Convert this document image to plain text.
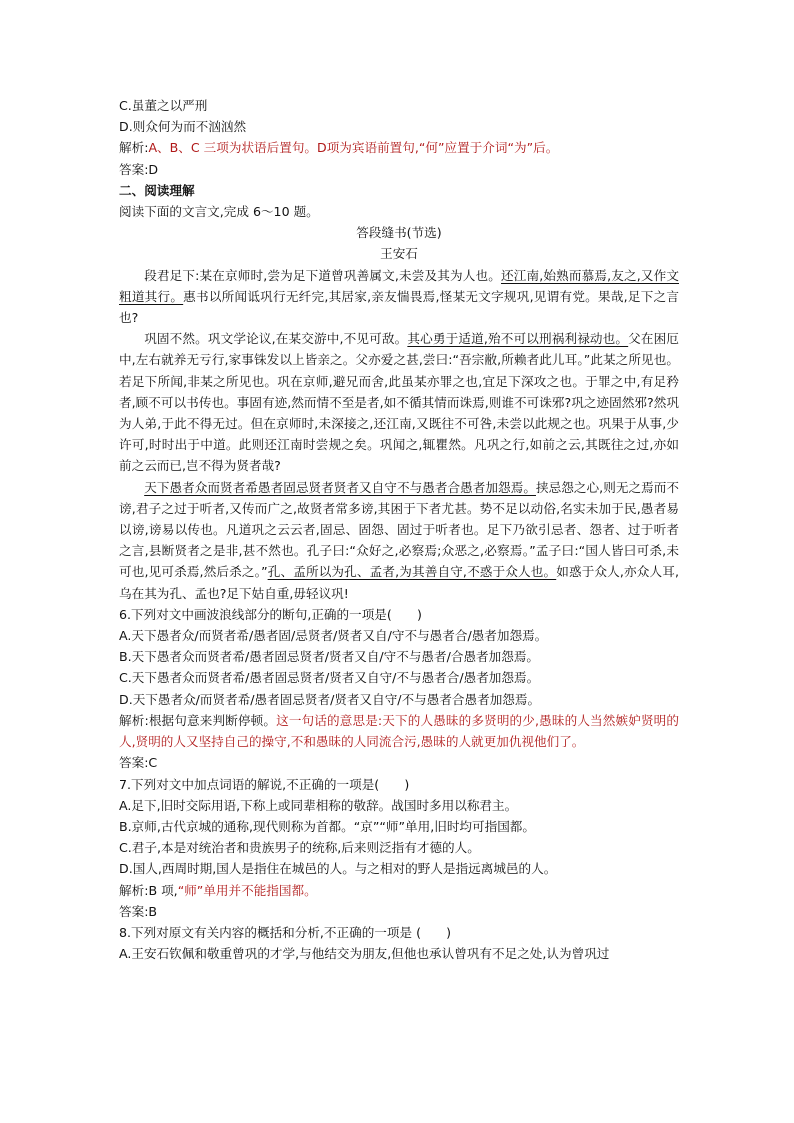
C.虽董之以严刑
D.则众何为而不汹汹然
解析:A、B、C 三项为状语后置句。D项为宾语前置句,“何”应置于介词“为”后。
答案:D
二、阅读理解
阅读下面的文言文,完成 6～10 题。
答段缝书(节选)
王安石
段君足下:某在京师时,尝为足下道曾巩善属文,未尝及其为人也。还江南,始熟而慕焉,友之,又作文粗道其行。惠书以所闻诋巩行无纤完,其居家,亲友惴畏焉,怪某无文字规巩,见谓有党。果哉,足下之言也?
巩固不然。巩文学论议,在某交游中,不见可敌。其心勇于适道,殆不可以刑祸利禄动也。父在困厄中,左右就养无亏行,家事铢发以上皆亲之。父亦爱之甚,尝曰:“吾宗敝,所赖者此儿耳。”此某之所见也。若足下所闻,非某之所见也。巩在京师,避兄而舍,此虽某亦罪之也,宜足下深攻之也。于罪之中,有足矜者,顾不可以书传也。事固有迹,然而情不至是者,如不循其情而诛焉,则谁不可诛邪?巩之迹固然邪?然巩为人弟,于此不得无过。但在京师时,未深接之,还江南,又既往不可咎,未尝以此规之也。巩果于从事,少许可,时时出于中道。此则还江南时尝规之矣。巩闻之,辄瞿然。凡巩之行,如前之云,其既往之过,亦如前之云而已,岂不得为贤者哉?
天下愚者众而贤者希愚者固忌贤者贤者又自守不与愚者合愚者加怨焉。挟忌怨之心,则无之焉而不谤,君子之过于听者,又传而广之,故贤者常多谤,其困于下者尤甚。势不足以动俗,名实未加于民,愚者易以谤,谤易以传也。凡道巩之云云者,固忌、固怨、固过于听者也。足下乃欲引忌者、怨者、过于听者之言,县断贤者之是非,甚不然也。孔子曰:“众好之,必察焉;众恶之,必察焉。”孟子曰:“国人皆曰可杀,未可也,见可杀焉,然后杀之。”孔、孟所以为孔、孟者,为其善自守,不惑于众人也。如惑于众人,亦众人耳,乌在其为孔、孟也?足下姑自重,毋轻议巩!
6.下列对文中画波浪线部分的断句,正确的一项是(　　)
A.天下愚者众/而贤者希/愚者固/忌贤者/贤者又自/守不与愚者合/愚者加怨焉。
B.天下愚者众而贤者希/愚者固忌贤者/贤者又自/守不与愚者/合愚者加怨焉。
C.天下愚者众而贤者希/愚者固忌贤者/贤者又自守/不与愚者合/愚者加怨焉。
D.天下愚者众/而贤者希/愚者固忌贤者/贤者又自守/不与愚者合愚者加怨焉。
解析:根据句意来判断停顿。这一句话的意思是:天下的人愚昧的多贤明的少,愚昧的人当然嫉妒贤明的人,贤明的人又坚持自己的操守,不和愚昧的人同流合污,愚昧的人就更加仇视他们了。
答案:C
7.下列对文中加点词语的解说,不正确的一项是(　　)
A.足下,旧时交际用语,下称上或同辈相称的敬辞。战国时多用以称君主。
B.京师,古代京城的通称,现代则称为首都。“京”“师”单用,旧时均可指国都。
C.君子,本是对统治者和贵族男子的统称,后来则泛指有才德的人。
D.国人,西周时期,国人是指住在城邑的人。与之相对的野人是指远离城邑的人。
解析:B 项,“师”单用并不能指国都。
答案:B
8.下列对原文有关内容的概括和分析,不正确的一项是 (　　)
A.王安石钦佩和敬重曾巩的才学,与他结交为朋友,但他也承认曾巩有不足之处,认为曾巩过
